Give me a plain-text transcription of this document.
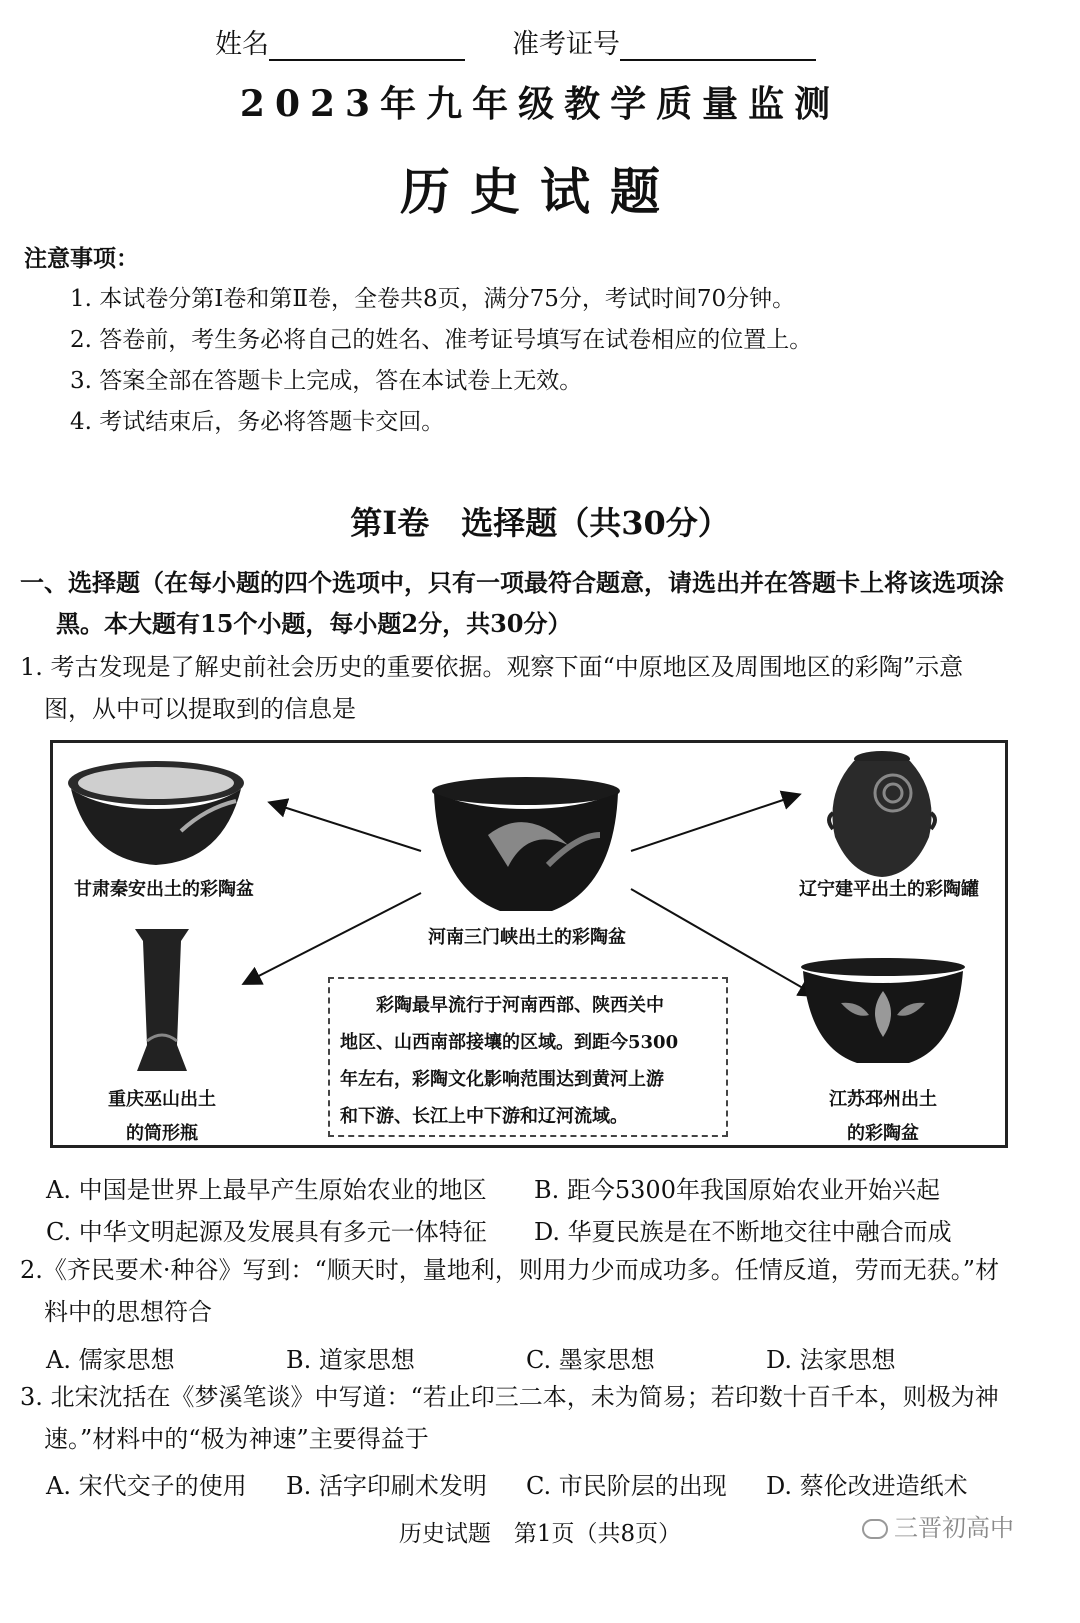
姓名	准考证号
2023年九年级教学质量监测
历史试题
注意事项：
1. 本试卷分第Ⅰ卷和第Ⅱ卷，全卷共8页，满分75分，考试时间70分钟。
2. 答卷前，考生务必将自己的姓名、准考证号填写在试卷相应的位置上。
3. 答案全部在答题卡上完成，答在本试卷上无效。
4. 考试结束后，务必将答题卡交回。
第Ⅰ卷　选择题（共30分）
一、选择题（在每小题的四个选项中，只有一项最符合题意，请选出并在答题卡上将该选项涂
黑。本大题有15个小题，每小题2分，共30分）
1. 考古发现是了解史前社会历史的重要依据。观察下面“中原地区及周围地区的彩陶”示意
图，从中可以提取到的信息是
甘肃秦安出土的彩陶盆
河南三门峡出土的彩陶盆
辽宁建平出土的彩陶罐
重庆巫山出土
的筒形瓶
彩陶最早流行于河南西部、陕西关中
地区、山西南部接壤的区域。到距今5300
年左右，彩陶文化影响范围达到黄河上游
和下游、长江上中下游和辽河流域。
江苏邳州出土
的彩陶盆
A. 中国是世界上最早产生原始农业的地区 B. 距今5300年我国原始农业开始兴起
C. 中华文明起源及发展具有多元一体特征 D. 华夏民族是在不断地交往中融合而成
2.《齐民要术·种谷》写到：“顺天时，量地利，则用力少而成功多。任情反道，劳而无获。”材
料中的思想符合
A. 儒家思想	B. 道家思想	C. 墨家思想	D. 法家思想
3. 北宋沈括在《梦溪笔谈》中写道：“若止印三二本，未为简易；若印数十百千本，则极为神
速。”材料中的“极为神速”主要得益于
A. 宋代交子的使用 B. 活字印刷术发明 C. 市民阶层的出现 D. 蔡伦改进造纸术
历史试题　第1页（共8页）	三晋初高中
